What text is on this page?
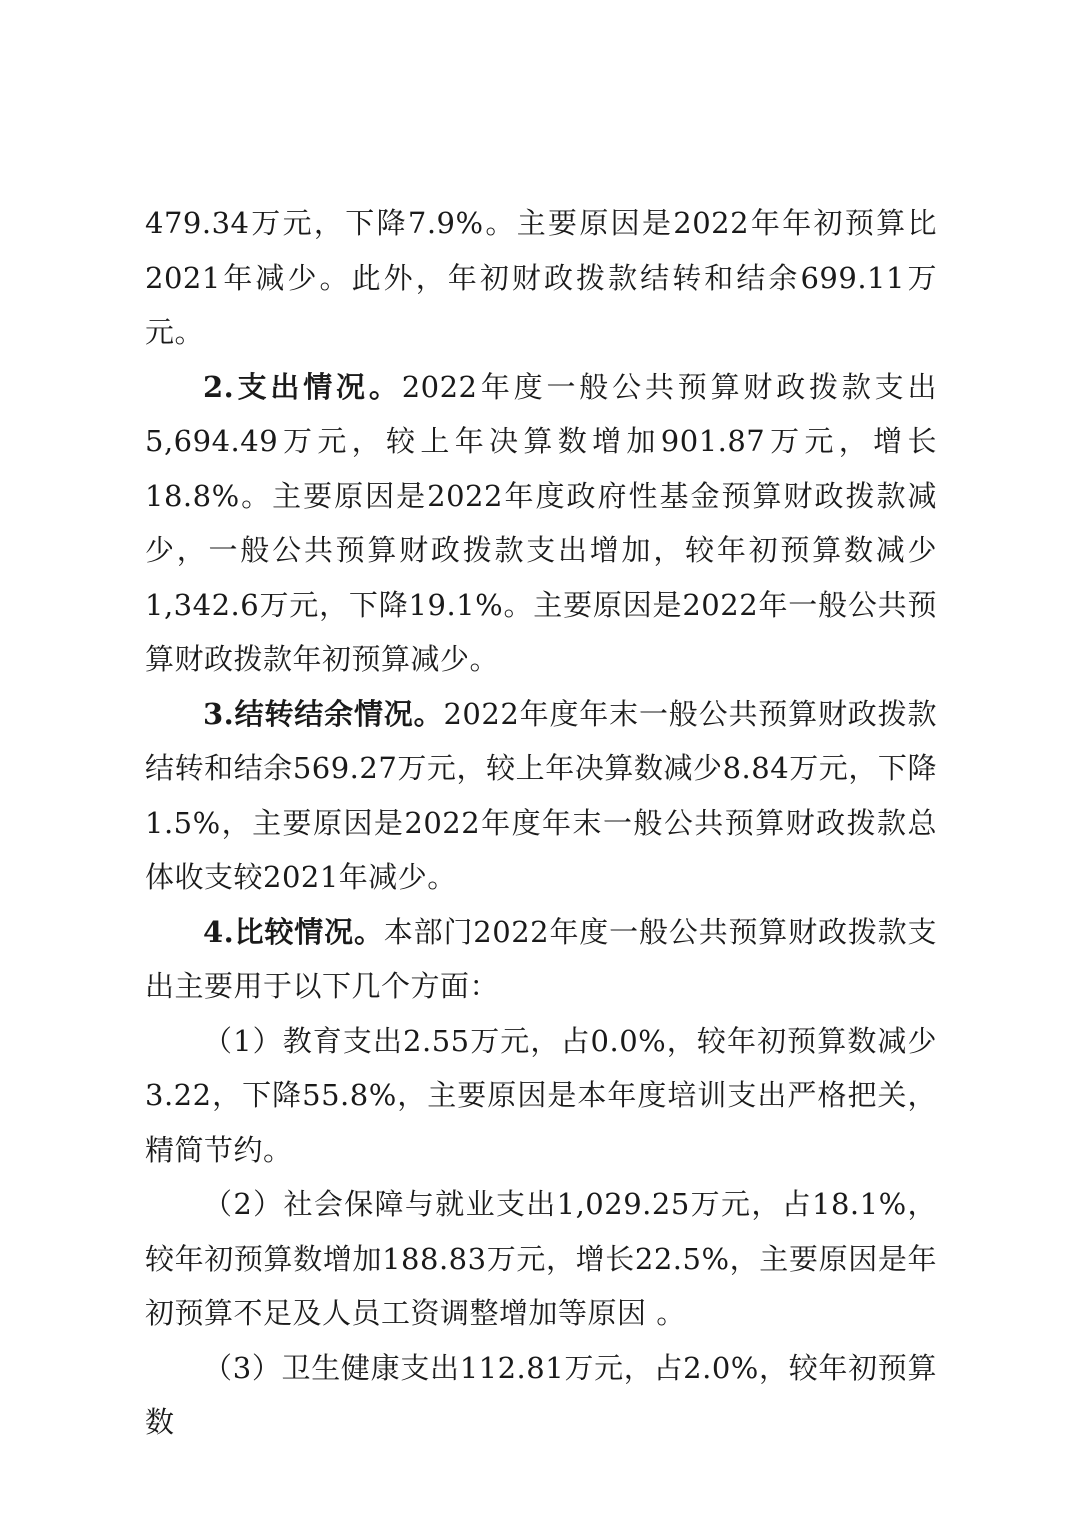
479.34万元，下降7.9%。主要原因是2022年年初预算比2021年减少。此外，年初财政拨款结转和结余699.11万元。

2.支出情况。2022年度一般公共预算财政拨款支出5,694.49万元，较上年决算数增加901.87万元，增长18.8%。主要原因是2022年度政府性基金预算财政拨款减少，一般公共预算财政拨款支出增加，较年初预算数减少1,342.6万元，下降19.1%。主要原因是2022年一般公共预算财政拨款年初预算减少。

3.结转结余情况。2022年度年末一般公共预算财政拨款结转和结余569.27万元，较上年决算数减少8.84万元，下降1.5%，主要原因是2022年度年末一般公共预算财政拨款总体收支较2021年减少。

4.比较情况。本部门2022年度一般公共预算财政拨款支出主要用于以下几个方面：

（1）教育支出2.55万元，占0.0%，较年初预算数减少3.22，下降55.8%，主要原因是本年度培训支出严格把关，精简节约。

（2）社会保障与就业支出1,029.25万元，占18.1%，较年初预算数增加188.83万元，增长22.5%，主要原因是年初预算不足及人员工资调整增加等原因 。

（3）卫生健康支出112.81万元，占2.0%，较年初预算数
